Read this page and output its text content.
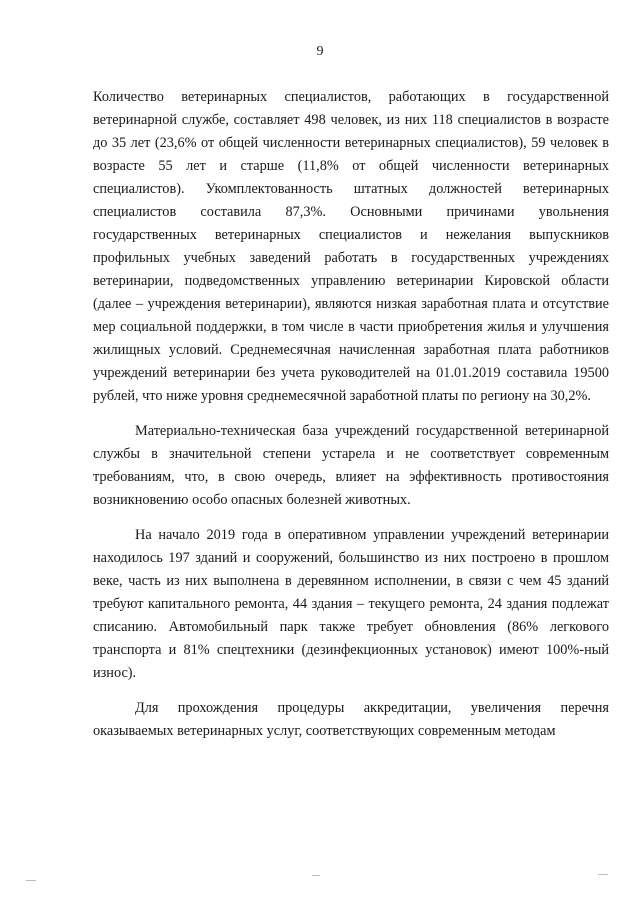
9

Количество ветеринарных специалистов, работающих в государственной ветеринарной службе, составляет 498 человек, из них 118 специалистов в возрасте до 35 лет (23,6% от общей численности ветеринарных специалистов), 59 человек в возрасте 55 лет и старше (11,8% от общей численности ветеринарных специалистов). Укомплектованность штатных должностей ветеринарных специалистов составила 87,3%. Основными причинами увольнения государственных ветеринарных специалистов и нежелания выпускников профильных учебных заведений работать в государственных учреждениях ветеринарии, подведомственных управлению ветеринарии Кировской области (далее – учреждения ветеринарии), являются низкая заработная плата и отсутствие мер социальной поддержки, в том числе в части приобретения жилья и улучшения жилищных условий. Среднемесячная начисленная заработная плата работников учреждений ветеринарии без учета руководителей на 01.01.2019 составила 19500 рублей, что ниже уровня среднемесячной заработной платы по региону на 30,2%.

Материально-техническая база учреждений государственной ветеринарной службы в значительной степени устарела и не соответствует современным требованиям, что, в свою очередь, влияет на эффективность противостояния возникновению особо опасных болезней животных.

На начало 2019 года в оперативном управлении учреждений ветеринарии находилось 197 зданий и сооружений, большинство из них построено в прошлом веке, часть из них выполнена в деревянном исполнении, в связи с чем 45 зданий требуют капитального ремонта, 44 здания – текущего ремонта, 24 здания подлежат списанию. Автомобильный парк также требует обновления (86% легкового транспорта и 81% спецтехники (дезинфекционных установок) имеют 100%-ный износ).

Для прохождения процедуры аккредитации, увеличения перечня оказываемых ветеринарных услуг, соответствующих современным методам
